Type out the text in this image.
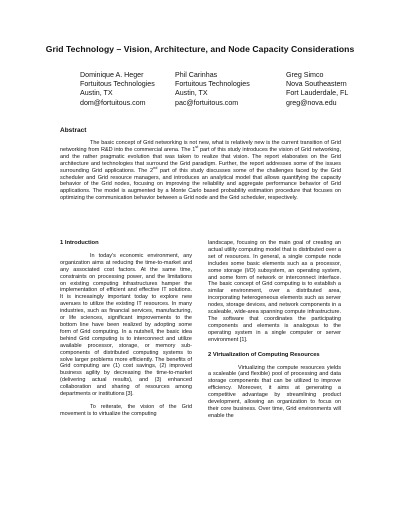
Grid Technology – Vision, Architecture, and Node Capacity Considerations
Dominique A. Heger
Fortuitous Technologies
Austin, TX
dom@fortuitous.com
Phil Carinhas
Fortuitous Technologies
Austin, TX
pac@fortuitous.com
Greg Simco
Nova Southeastern
Fort Lauderdale, FL
greg@nova.edu
Abstract

The basic concept of Grid networking is not new, what is relatively new is the current transition of Grid networking from R&D into the commercial arena. The 1st part of this study introduces the vision of Grid networking, and the rather pragmatic evolution that was taken to realize that vision. The report elaborates on the Grid architecture and technologies that surround the Grid paradigm. Further, the report addresses some of the issues surrounding Grid applications. The 2nd part of this study discusses some of the challenges faced by the Grid scheduler and Grid resource managers, and introduces an analytical model that allows quantifying the capacity behavior of the Grid nodes, focusing on improving the reliability and aggregate performance behavior of Grid applications. The model is augmented by a Monte Carlo based probability estimation procedure that focuses on optimizing the communication behavior between a Grid node and the Grid scheduler, respectively.

1 Introduction

In today's economic environment, any organization aims at reducing the time-to-market and any associated cost factors. At the same time, constraints on processing power, and the limitations on existing computing infrastructures hamper the implementation of efficient and effective IT solutions. It is increasingly important today to explore new avenues to utilize the existing IT resources. In many industries, such as financial services, manufacturing, or life sciences, significant improvements to the bottom line have been realized by adopting some form of Grid computing. In a nutshell, the basic idea behind Grid computing is to interconnect and utilize available processor, storage, or memory sub-components of distributed computing systems to solve larger problems more efficiently. The benefits of Grid computing are (1) cost savings, (2) improved business agility by decreasing the time-to-market (delivering actual results), and (3) enhanced collaboration and sharing of resources among departments or institutions [3].

To reiterate, the vision of the Grid movement is to virtualize the computing

landscape, focusing on the main goal of creating an actual utility computing model that is distributed over a set of resources. In general, a single compute node includes some basic elements such as a processor, some storage (I/O) subsystem, an operating system, and some form of network or interconnect interface. The basic concept of Grid computing is to establish a similar environment, over a distributed area, incorporating heterogeneous elements such as server nodes, storage devices, and network components in a scaleable, wide-area spanning compute infrastructure. The software that coordinates the participating components and elements is analogous to the operating system in a single computer or server environment [1].

2 Virtualization of Computing Resources

Virtualizing the compute resources yields a scaleable (and flexible) pool of processing and data storage components that can be utilized to improve efficiency. Moreover, it aims at generating a competitive advantage by streamlining product development, allowing an organization to focus on their core business. Over time, Grid environments will enable the
